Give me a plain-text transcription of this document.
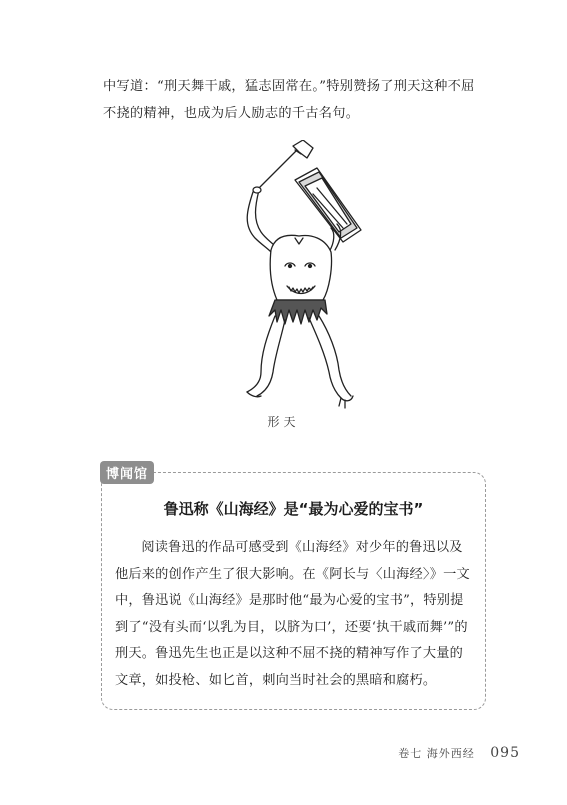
中写道：“刑天舞干戚，猛志固常在。”特别赞扬了刑天这种不屈不挠的精神，也成为后人励志的千古名句。

形天
博闻馆
鲁迅称《山海经》是“最为心爱的宝书”

阅读鲁迅的作品可感受到《山海经》对少年的鲁迅以及他后来的创作产生了很大影响。在《阿长与〈山海经〉》一文中，鲁迅说《山海经》是那时他“最为心爱的宝书”，特别提到了“没有头而‘以乳为目，以脐为口’，还要‘执干戚而舞’”的刑天。鲁迅先生也正是以这种不屈不挠的精神写作了大量的文章，如投枪、如匕首，刺向当时社会的黑暗和腐朽。

卷七 海外西经 095
